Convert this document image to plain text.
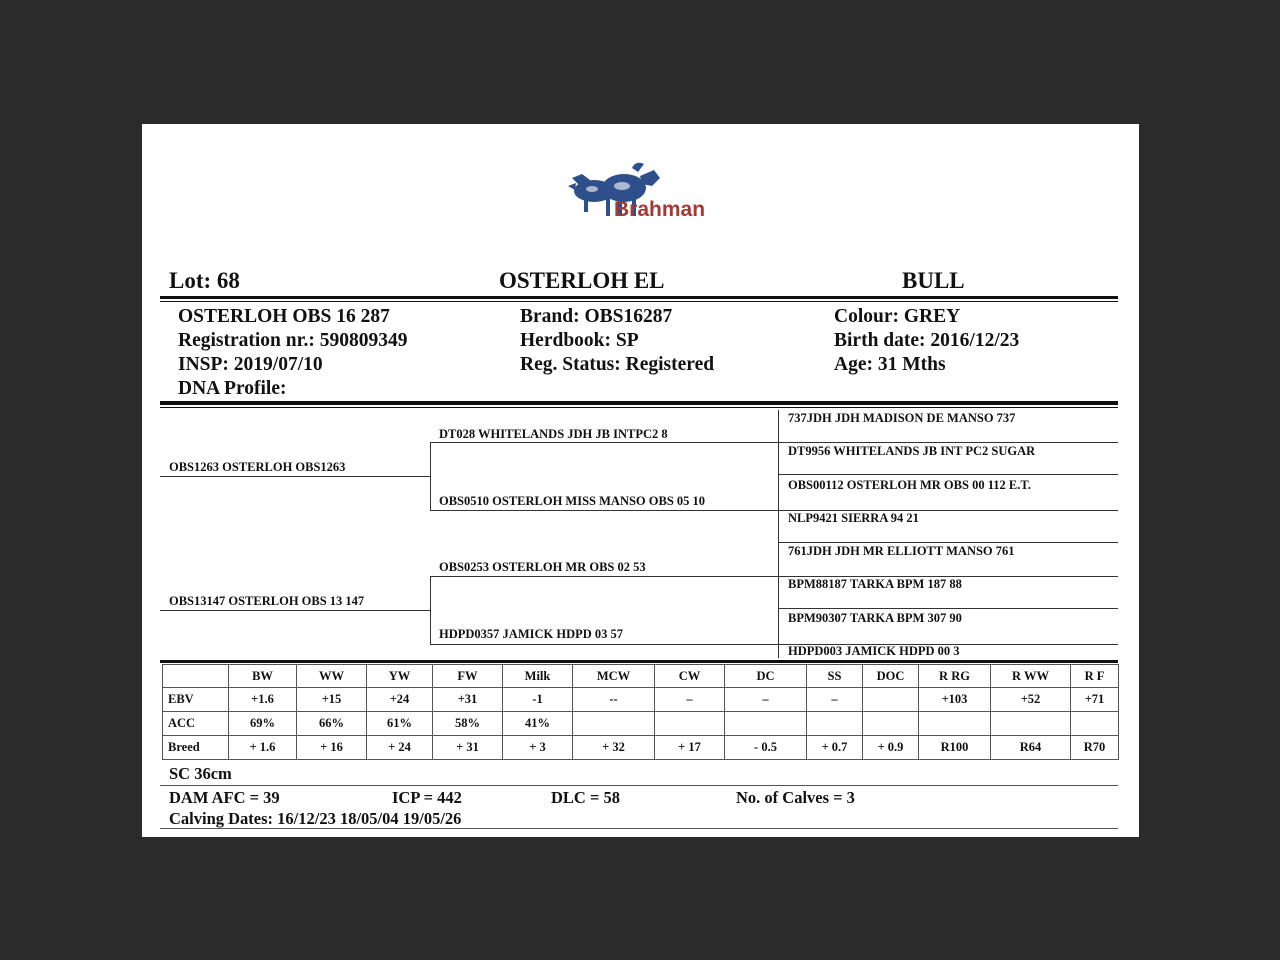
Brahman
Lot: 68	OSTERLOH EL	BULL
OSTERLOH OBS 16 287
Registration nr.: 590809349
INSP: 2019/07/10
DNA Profile:
Brand: OBS16287
Herdbook: SP
Reg. Status: Registered
Colour: GREY
Birth date: 2016/12/23
Age: 31 Mths
OBS1263 OSTERLOH OBS1263
OBS13147 OSTERLOH OBS 13 147
DT028 WHITELANDS JDH JB INTPC2 8
OBS0510 OSTERLOH MISS MANSO OBS 05 10
OBS0253 OSTERLOH MR OBS 02 53
HDPD0357 JAMICK HDPD 03 57
737JDH JDH MADISON DE MANSO 737
DT9956 WHITELANDS JB INT PC2 SUGAR
OBS00112 OSTERLOH MR OBS 00 112 E.T.
NLP9421 SIERRA 94 21
761JDH JDH MR ELLIOTT MANSO 761
BPM88187 TARKA BPM 187 88
BPM90307 TARKA BPM 307 90
HDPD003 JAMICK HDPD 00 3
	BW	WW	YW	FW	Milk	MCW	CW	DC	SS	DOC	R RG	R WW	R F
EBV	+1.6	+15	+24	+31	-1	--	–	–	–		+103	+52	+71
ACC	69%	66%	61%	58%	41%								
Breed	+ 1.6	+ 16	+ 24	+ 31	+ 3	+ 32	+ 17	- 0.5	+ 0.7	+ 0.9	R100	R64	R70
SC 36cm
DAM AFC = 39	ICP = 442	DLC = 58	No. of Calves = 3
Calving Dates: 16/12/23 18/05/04 19/05/26
